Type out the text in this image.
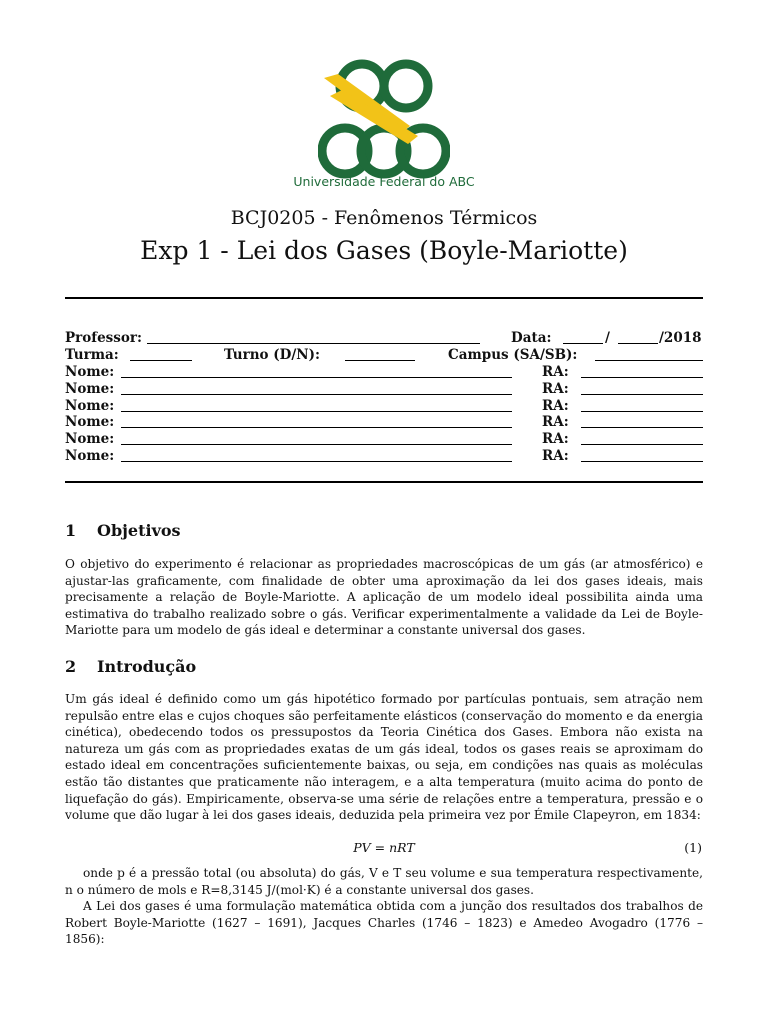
Universidade Federal do ABC
BCJ0205 - Fenômenos Térmicos
Exp 1 - Lei dos Gases (Boyle-Mariotte)
Professor:	Data:	/	/2018
Turma:	Turno (D/N):	Campus (SA/SB):
Nome:	RA:
Nome:	RA:
Nome:	RA:
Nome:	RA:
Nome:	RA:
Nome:	RA:
1 Objetivos
O objetivo do experimento é relacionar as propriedades macroscópicas de um gás (ar atmosférico) e ajustar-las graficamente, com finalidade de obter uma aproximação da lei dos gases ideais, mais precisamente a relação de Boyle-Mariotte. A aplicação de um modelo ideal possibilita ainda uma estimativa do trabalho realizado sobre o gás. Verificar experimentalmente a validade da Lei de Boyle-Mariotte para um modelo de gás ideal e determinar a constante universal dos gases.
2 Introdução
Um gás ideal é definido como um gás hipotético formado por partículas pontuais, sem atração nem repulsão entre elas e cujos choques são perfeitamente elásticos (conservação do momento e da energia cinética), obedecendo todos os pressupostos da Teoria Cinética dos Gases. Embora não exista na natureza um gás com as propriedades exatas de um gás ideal, todos os gases reais se aproximam do estado ideal em concentrações suficientemente baixas, ou seja, em condições nas quais as moléculas estão tão distantes que praticamente não interagem, e a alta temperatura (muito acima do ponto de liquefação do gás). Empiricamente, observa-se uma série de relações entre a temperatura, pressão e o volume que dão lugar à lei dos gases ideais, deduzida pela primeira vez por Émile Clapeyron, em 1834:
PV = nRT	(1)
onde p é a pressão total (ou absoluta) do gás, V e T seu volume e sua temperatura respectivamente, n o número de mols e R=8,3145 J/(mol·K) é a constante universal dos gases.
A Lei dos gases é uma formulação matemática obtida com a junção dos resultados dos trabalhos de Robert Boyle-Mariotte (1627 – 1691), Jacques Charles (1746 – 1823) e Amedeo Avogadro (1776 – 1856):
